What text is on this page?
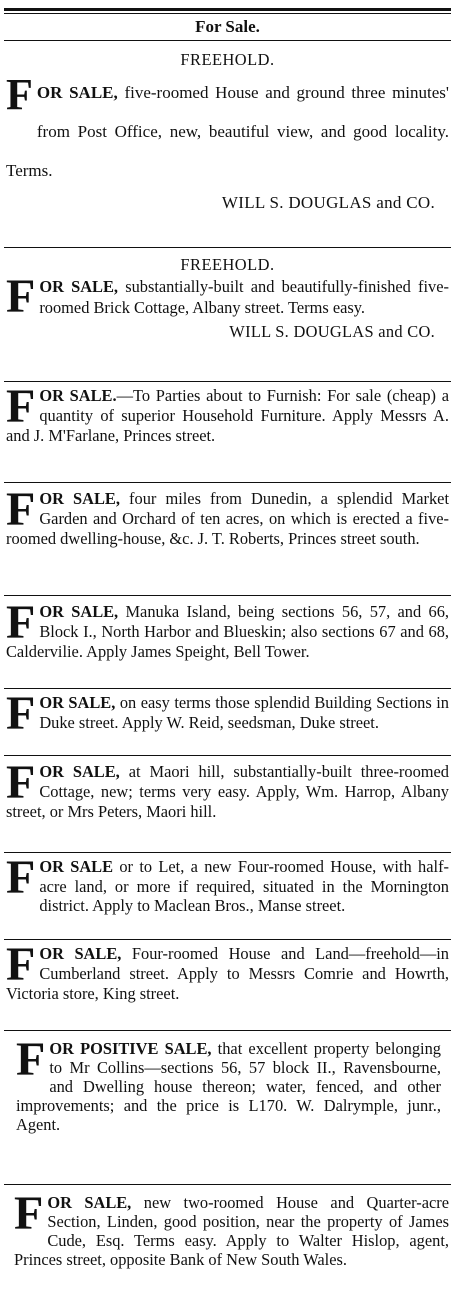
For Sale.
FREEHOLD.
F OR SALE, five-roomed House and ground three minutes' from Post Office, new, beautiful view, and good locality. Terms.
WILL S. DOUGLAS and CO.
FREEHOLD.
F OR SALE, substantially-built and beautifully-finished five-roomed Brick Cottage, Albany street. Terms easy.
WILL S. DOUGLAS and CO.
FOR SALE.—To Parties about to Furnish: For sale (cheap) a quantity of superior Household Furniture. Apply Messrs A. and J. M'Farlane, Princes street.
FOR SALE, four miles from Dunedin, a splendid Market Garden and Orchard of ten acres, on which is erected a five-roomed dwelling-house, &c. J. T. Roberts, Princes street south.
FOR SALE, Manuka Island, being sections 56, 57, and 66, Block I., North Harbor and Blueskin; also sections 67 and 68, Caldervilie. Apply James Speight, Bell Tower.
FOR SALE, on easy terms those splendid Building Sections in Duke street. Apply W. Reid, seedsman, Duke street.
FOR SALE, at Maori hill, substantially-built three-roomed Cottage, new; terms very easy. Apply, Wm. Harrop, Albany street, or Mrs Peters, Maori hill.
FOR SALE or to Let, a new Four-roomed House, with half-acre land, or more if required, situated in the Mornington district. Apply to Maclean Bros., Manse street.
FOR SALE, Four-roomed House and Land—freehold—in Cumberland street. Apply to Messrs Comrie and Howrth, Victoria store, King street.
FOR POSITIVE SALE, that excellent property belonging to Mr Collins—sections 56, 57 block II., Ravensbourne, and Dwelling house thereon; water, fenced, and other improvements; and the price is L170. W. Dalrymple, junr., Agent.
FOR SALE, new two-roomed House and Quarter-acre Section, Linden, good position, near the property of James Cude, Esq. Terms easy. Apply to Walter Hislop, agent, Princes street, opposite Bank of New South Wales.
